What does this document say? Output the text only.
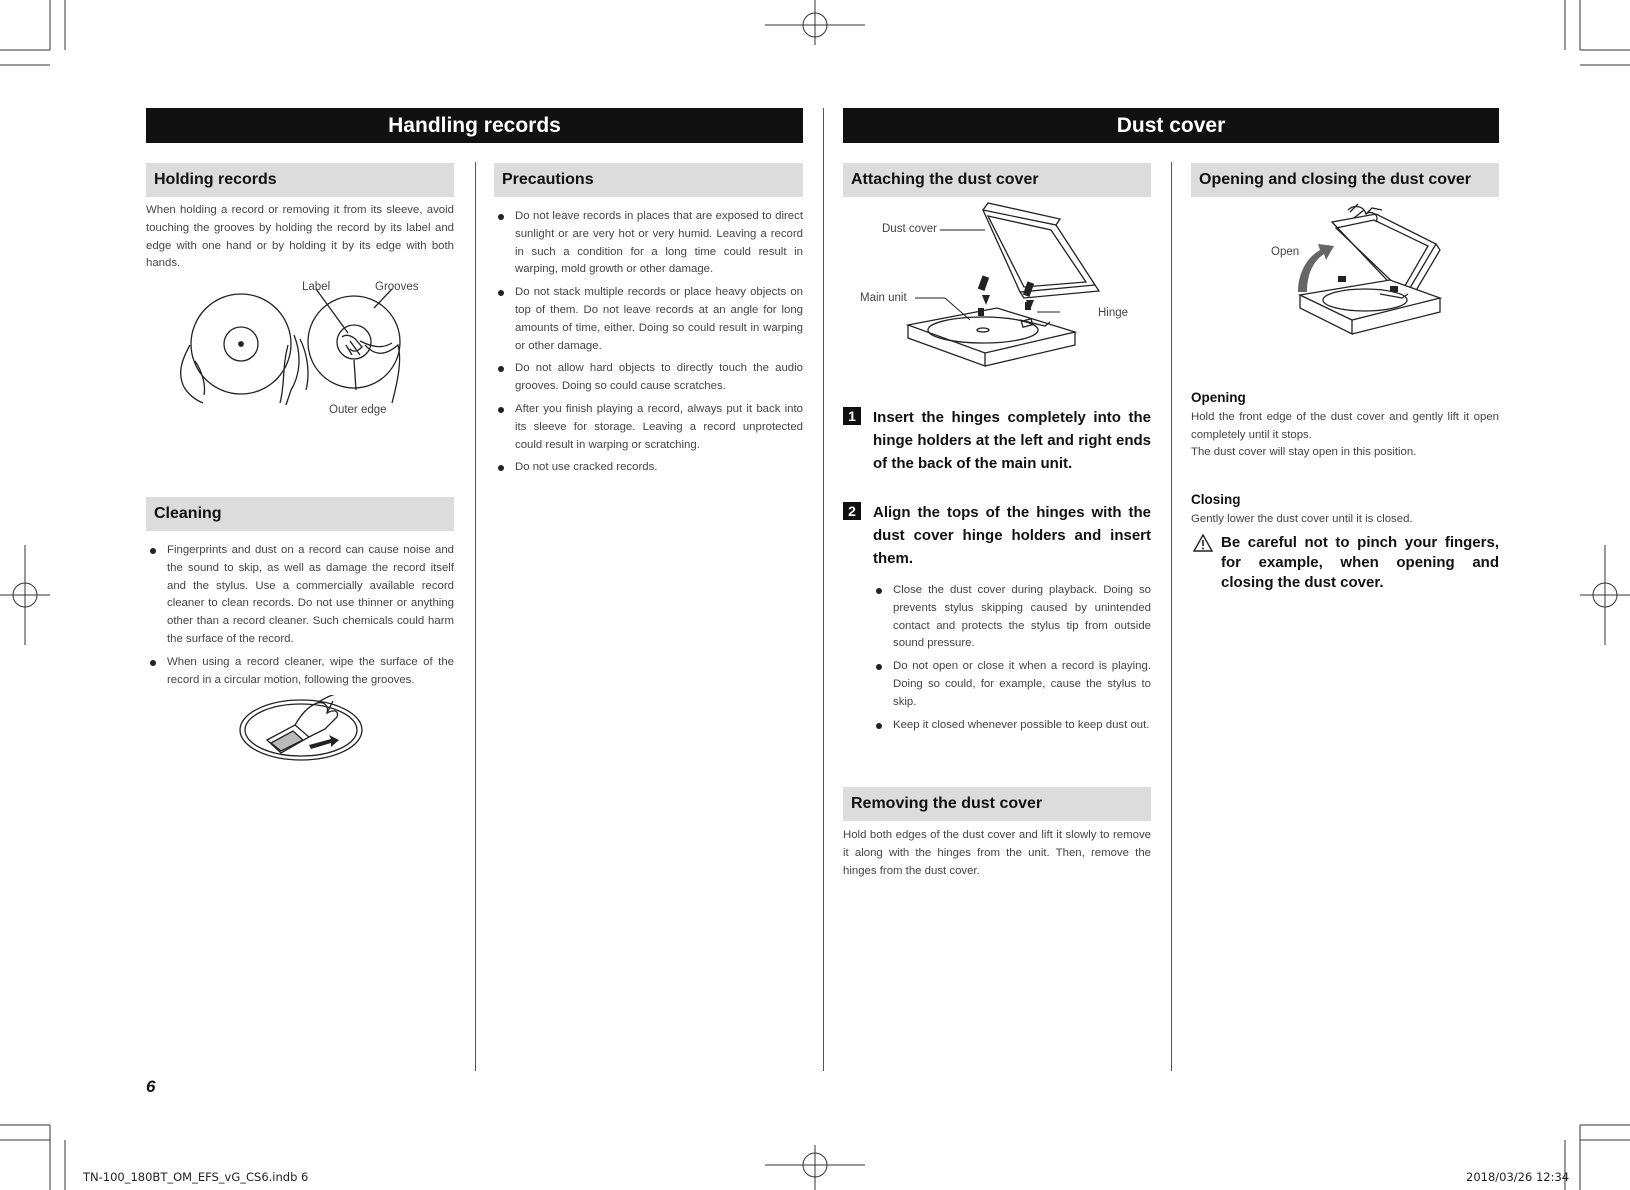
Handling records	Dust cover
Holding records
When holding a record or removing it from its sleeve, avoid touching the grooves by holding the record by its label and edge with one hand or by holding it by its edge with both hands.
Label	Grooves
Outer edge
Cleaning
Fingerprints and dust on a record can cause noise and the sound to skip, as well as damage the record itself and the stylus. Use a commercially available record cleaner to clean records. Do not use thinner or anything other than a record cleaner. Such chemicals could harm the surface of the record.
When using a record cleaner, wipe the surface of the record in a circular motion, following the grooves.
Precautions
Do not leave records in places that are exposed to direct sunlight or are very hot or very humid. Leaving a record in such a condition for a long time could result in warping, mold growth or other damage.
Do not stack multiple records or place heavy objects on top of them. Do not leave records at an angle for long amounts of time, either. Doing so could result in warping or other damage.
Do not allow hard objects to directly touch the audio grooves. Doing so could cause scratches.
After you finish playing a record, always put it back into its sleeve for storage. Leaving a record unprotected could result in warping or scratching.
Do not use cracked records.
6
Attaching the dust cover
Dust cover
Main unit
Hinge
1	Insert the hinges completely into the hinge holders at the left and right ends of the back of the main unit.
2	Align the tops of the hinges with the dust cover hinge holders and insert them.
Close the dust cover during playback. Doing so prevents stylus skipping caused by unintended contact and protects the stylus tip from outside sound pressure.
Do not open or close it when a record is playing. Doing so could, for example, cause the stylus to skip.
Keep it closed whenever possible to keep dust out.
Removing the dust cover
Hold both edges of the dust cover and lift it slowly to remove it along with the hinges from the unit. Then, remove the hinges from the dust cover.
Opening and closing the dust cover
Open
Opening
Hold the front edge of the dust cover and gently lift it open completely until it stops.
The dust cover will stay open in this position.
Closing
Gently lower the dust cover until it is closed.
Be careful not to pinch your fingers, for example, when opening and closing the dust cover.
TN-100_180BT_OM_EFS_vG_CS6.indb 6	2018/03/26 12:34
